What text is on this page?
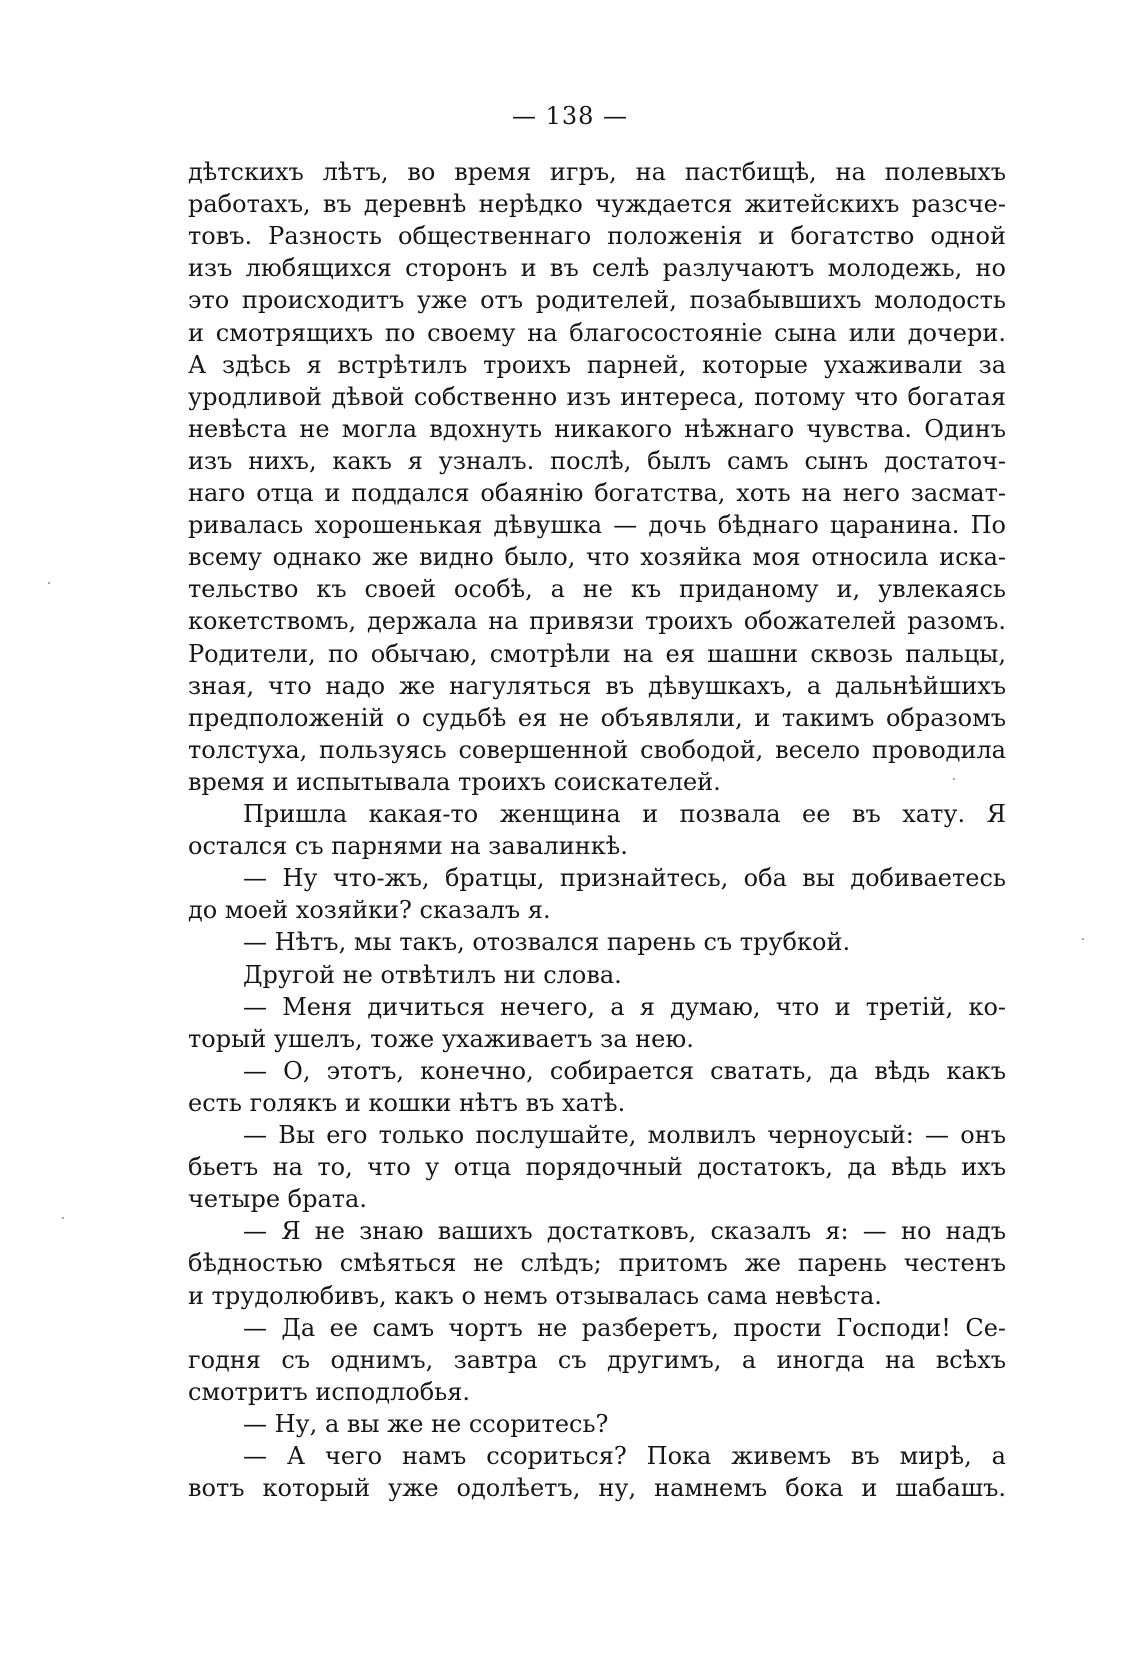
— 138 —
дѣтскихъ лѣтъ, во время игръ, на пастбищѣ, на полевыхъ
работахъ, въ деревнѣ нерѣдко чуждается житейскихъ разсче-
товъ. Разность общественнаго положенія и богатство одной
изъ любящихся сторонъ и въ селѣ разлучаютъ молодежь, но
это происходитъ уже отъ родителей, позабывшихъ молодость
и смотрящихъ по своему на благосостояніе сына или дочери.
А здѣсь я встрѣтилъ троихъ парней, которые ухаживали за
уродливой дѣвой собственно изъ интереса, потому что богатая
невѣста не могла вдохнуть никакого нѣжнаго чувства. Одинъ
изъ нихъ, какъ я узналъ. послѣ, былъ самъ сынъ достаточ-
наго отца и поддался обаянію богатства, хоть на него засмат-
ривалась хорошенькая дѣвушка — дочь бѣднаго царанина. По
всему однако же видно было, что хозяйка моя относила иска-
тельство къ своей особѣ, а не къ приданому и, увлекаясь
кокетствомъ, держала на привязи троихъ обожателей разомъ.
Родители, по обычаю, смотрѣли на ея шашни сквозь пальцы,
зная, что надо же нагуляться въ дѣвушкахъ, а дальнѣйшихъ
предположеній о судьбѣ ея не объявляли, и такимъ образомъ
толстуха, пользуясь совершенной свободой, весело проводила
время и испытывала троихъ соискателей.
Пришла какая-то женщина и позвала ее въ хату. Я
остался съ парнями на завалинкѣ.
— Ну что-жъ, братцы, признайтесь, оба вы добиваетесь
до моей хозяйки? сказалъ я.
— Нѣтъ, мы такъ, отозвался парень съ трубкой.
Другой не отвѣтилъ ни слова.
— Меня дичиться нечего, а я думаю, что и третій, ко-
торый ушелъ, тоже ухаживаетъ за нею.
— О, этотъ, конечно, собирается сватать, да вѣдь какъ
есть голякъ и кошки нѣтъ въ хатѣ.
— Вы его только послушайте, молвилъ черноусый: — онъ
бьетъ на то, что у отца порядочный достатокъ, да вѣдь ихъ
четыре брата.
— Я не знаю вашихъ достатковъ, сказалъ я: — но надъ
бѣдностью смѣяться не слѣдъ; притомъ же парень честенъ
и трудолюбивъ, какъ о немъ отзывалась сама невѣста.
— Да ее самъ чортъ не разберетъ, прости Господи! Се-
годня съ однимъ, завтра съ другимъ, а иногда на всѣхъ
смотритъ исподлобья.
— Ну, а вы же не ссоритесь?
— А чего намъ ссориться? Пока живемъ въ мирѣ, а
вотъ который уже одолѣетъ, ну, намнемъ бока и шабашъ.
